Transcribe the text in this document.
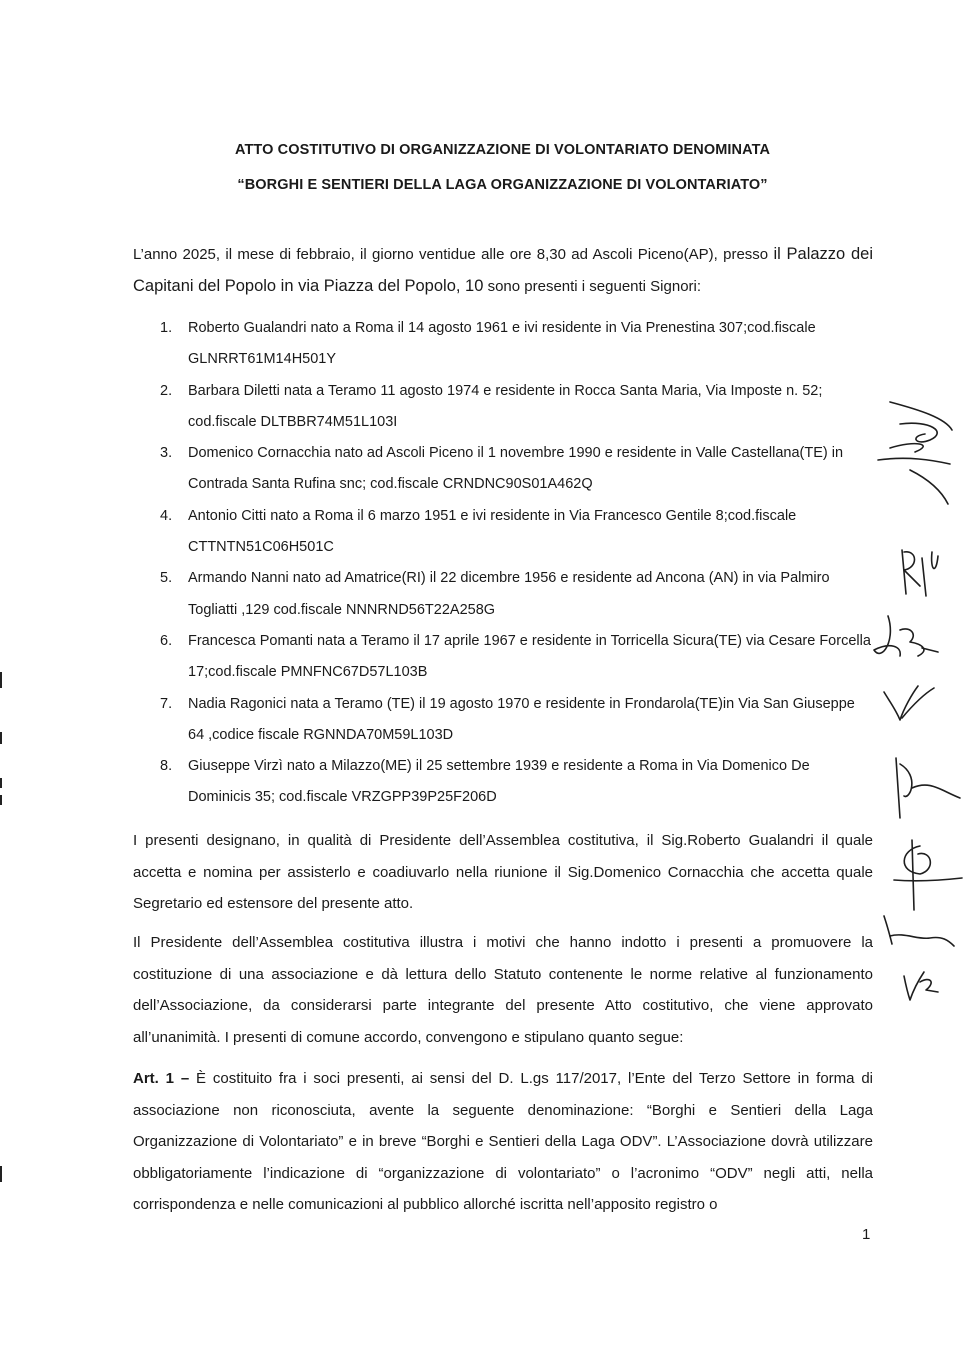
ATTO COSTITUTIVO DI ORGANIZZAZIONE DI VOLONTARIATO DENOMINATA
“BORGHI E SENTIERI DELLA LAGA ORGANIZZAZIONE DI VOLONTARIATO”
L’anno 2025, il mese di febbraio, il giorno ventidue alle ore 8,30 ad Ascoli Piceno(AP), presso il Palazzo dei Capitani del Popolo in via Piazza del Popolo, 10 sono presenti i seguenti Signori:
1. Roberto Gualandri nato a Roma il 14 agosto 1961 e ivi residente in Via Prenestina 307;cod.fiscale GLNRRT61M14H501Y
2. Barbara Diletti nata a Teramo 11 agosto 1974 e residente in Rocca Santa Maria, Via Imposte n. 52; cod.fiscale DLTBBR74M51L103I
3. Domenico Cornacchia nato ad Ascoli Piceno il 1 novembre 1990 e residente in Valle Castellana(TE) in Contrada Santa Rufina snc; cod.fiscale CRNDNC90S01A462Q
4. Antonio Citti nato a Roma il 6 marzo 1951 e ivi residente in Via Francesco Gentile 8;cod.fiscale CTTNTN51C06H501C
5. Armando Nanni nato ad Amatrice(RI) il 22 dicembre 1956 e residente ad Ancona (AN) in via Palmiro Togliatti ,129 cod.fiscale NNNRND56T22A258G
6. Francesca Pomanti nata a Teramo il 17 aprile 1967 e residente in Torricella Sicura(TE) via Cesare Forcella 17;cod.fiscale PMNFNC67D57L103B
7. Nadia Ragonici nata a Teramo (TE) il 19 agosto 1970 e residente in Frondarola(TE)in Via San Giuseppe 64 ,codice fiscale RGNNDA70M59L103D
8. Giuseppe Virzì nato a Milazzo(ME) il 25 settembre 1939 e residente a Roma in Via Domenico De Dominicis 35; cod.fiscale VRZGPP39P25F206D
I presenti designano, in qualità di Presidente dell’Assemblea costitutiva, il Sig.Roberto Gualandri il quale accetta e nomina per assisterlo e coadiuvarlo nella riunione il Sig.Domenico Cornacchia che accetta quale Segretario ed estensore del presente atto.
Il Presidente dell’Assemblea costitutiva illustra i motivi che hanno indotto i presenti a promuovere la costituzione di una associazione e dà lettura dello Statuto contenente le norme relative al funzionamento dell’Associazione, da considerarsi parte integrante del presente Atto costitutivo, che viene approvato all’unanimità. I presenti di comune accordo, convengono e stipulano quanto segue:
Art. 1 – È costituito fra i soci presenti, ai sensi del D. L.gs 117/2017, l’Ente del Terzo Settore in forma di associazione non riconosciuta, avente la seguente denominazione: “Borghi e Sentieri della Laga Organizzazione di Volontariato” e in breve “Borghi e Sentieri della Laga ODV”. L’Associazione dovrà utilizzare obbligatoriamente l’indicazione di “organizzazione di volontariato” o l’acronimo “ODV” negli atti, nella corrispondenza e nelle comunicazioni al pubblico allorché iscritta nell’apposito registro o
1
